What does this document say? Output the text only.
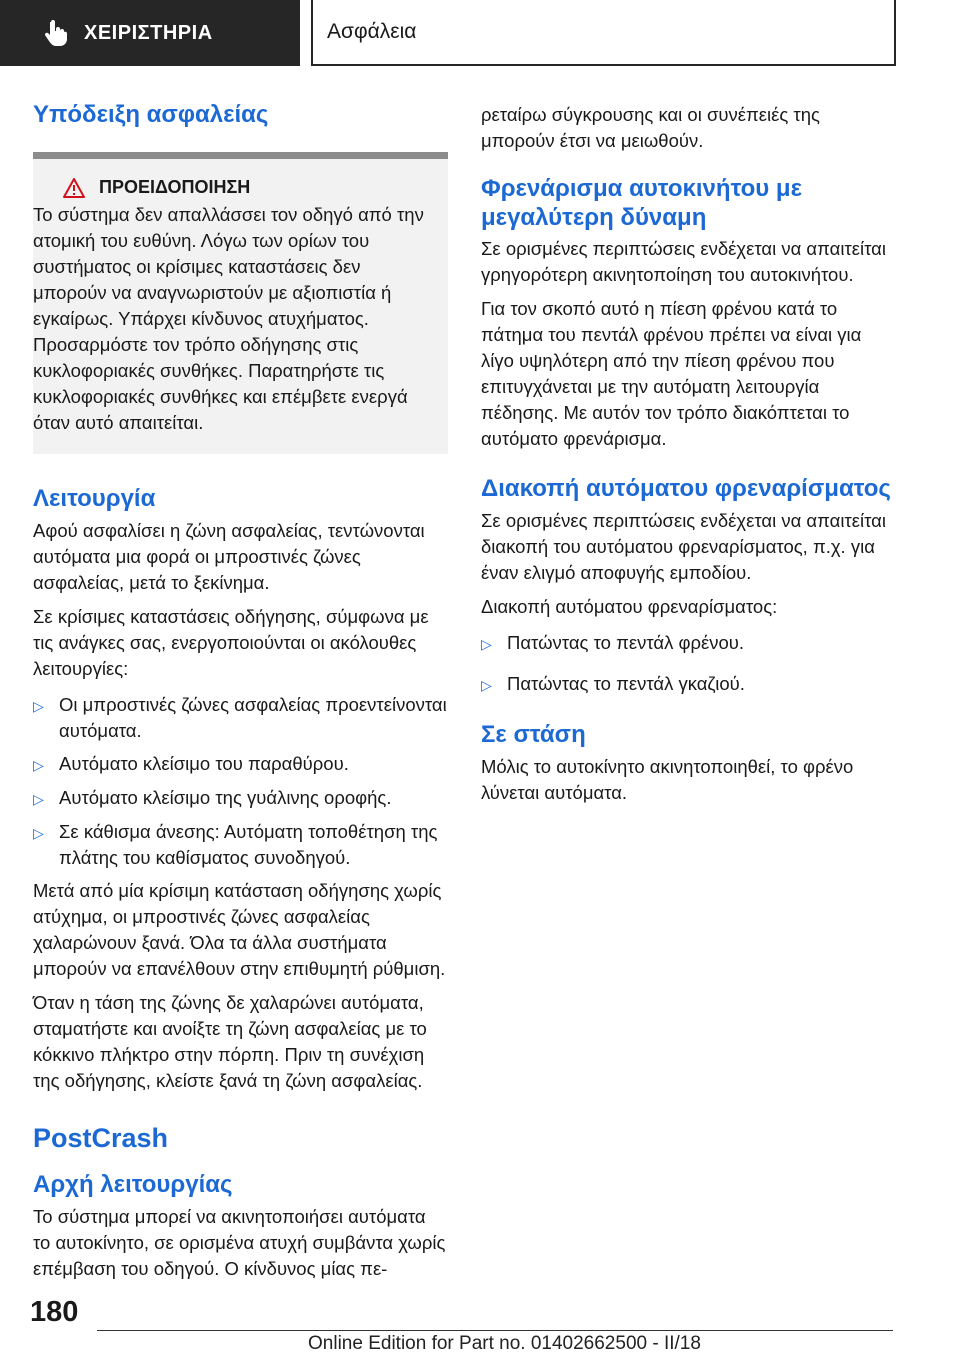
ΧΕΙΡΙΣΤΗΡΙΑ	Ασφάλεια
Υπόδειξη ασφαλείας
ΠΡΟΕΙΔΟΠΟΙΗΣΗ

Το σύστημα δεν απαλλάσσει τον οδηγό από την ατομική του ευθύνη. Λόγω των ορίων του συστήματος οι κρίσιμες καταστάσεις δεν μπορούν να αναγνωριστούν με αξιοπιστία ή εγκαίρως. Υπάρχει κίνδυνος ατυχήματος. Προσαρμόστε τον τρόπο οδήγησης στις κυκλοφοριακές συνθήκες. Παρατηρήστε τις κυκλοφοριακές συνθήκες και επέμβετε ενεργά όταν αυτό απαιτείται.

Λειτουργία

Αφού ασφαλίσει η ζώνη ασφαλείας, τεντώνονται αυτόματα μια φορά οι μπροστινές ζώνες ασφαλείας, μετά το ξεκίνημα.

Σε κρίσιμες καταστάσεις οδήγησης, σύμφωνα με τις ανάγκες σας, ενεργοποιούνται οι ακόλουθες λειτουργίες:

▷ Οι μπροστινές ζώνες ασφαλείας προεντείνονται αυτόματα.
▷ Αυτόματο κλείσιμο του παραθύρου.
▷ Αυτόματο κλείσιμο της γυάλινης οροφής.
▷ Σε κάθισμα άνεσης: Αυτόματη τοποθέτηση της πλάτης του καθίσματος συνοδηγού.

Μετά από μία κρίσιμη κατάσταση οδήγησης χωρίς ατύχημα, οι μπροστινές ζώνες ασφαλείας χαλαρώνουν ξανά. Όλα τα άλλα συστήματα μπορούν να επανέλθουν στην επιθυμητή ρύθμιση.

Όταν η τάση της ζώνης δε χαλαρώνει αυτόματα, σταματήστε και ανοίξτε τη ζώνη ασφαλείας με το κόκκινο πλήκτρο στην πόρπη. Πριν τη συνέχιση της οδήγησης, κλείστε ξανά τη ζώνη ασφαλείας.

PostCrash
Αρχή λειτουργίας

Το σύστημα μπορεί να ακινητοποιήσει αυτόματα το αυτοκίνητο, σε ορισμένα ατυχή συμβάντα χωρίς επέμβαση του οδηγού. Ο κίνδυνος μίας πε-

ρεταίρω σύγκρουσης και οι συνέπειές της μπορούν έτσι να μειωθούν.

Φρενάρισμα αυτοκινήτου με μεγαλύτερη δύναμη

Σε ορισμένες περιπτώσεις ενδέχεται να απαιτείται γρηγορότερη ακινητοποίηση του αυτοκινήτου.

Για τον σκοπό αυτό η πίεση φρένου κατά το πάτημα του πεντάλ φρένου πρέπει να είναι για λίγο υψηλότερη από την πίεση φρένου που επιτυγχάνεται με την αυτόματη λειτουργία πέδησης. Με αυτόν τον τρόπο διακόπτεται το αυτόματο φρενάρισμα.

Διακοπή αυτόματου φρεναρίσματος

Σε ορισμένες περιπτώσεις ενδέχεται να απαιτείται διακοπή του αυτόματου φρεναρίσματος, π.χ. για έναν ελιγμό αποφυγής εμποδίου.

Διακοπή αυτόματου φρεναρίσματος:

▷ Πατώντας το πεντάλ φρένου.
▷ Πατώντας το πεντάλ γκαζιού.
Σε στάση

Μόλις το αυτοκίνητο ακινητοποιηθεί, το φρένο λύνεται αυτόματα.

180
Online Edition for Part no. 01402662500 - II/18
